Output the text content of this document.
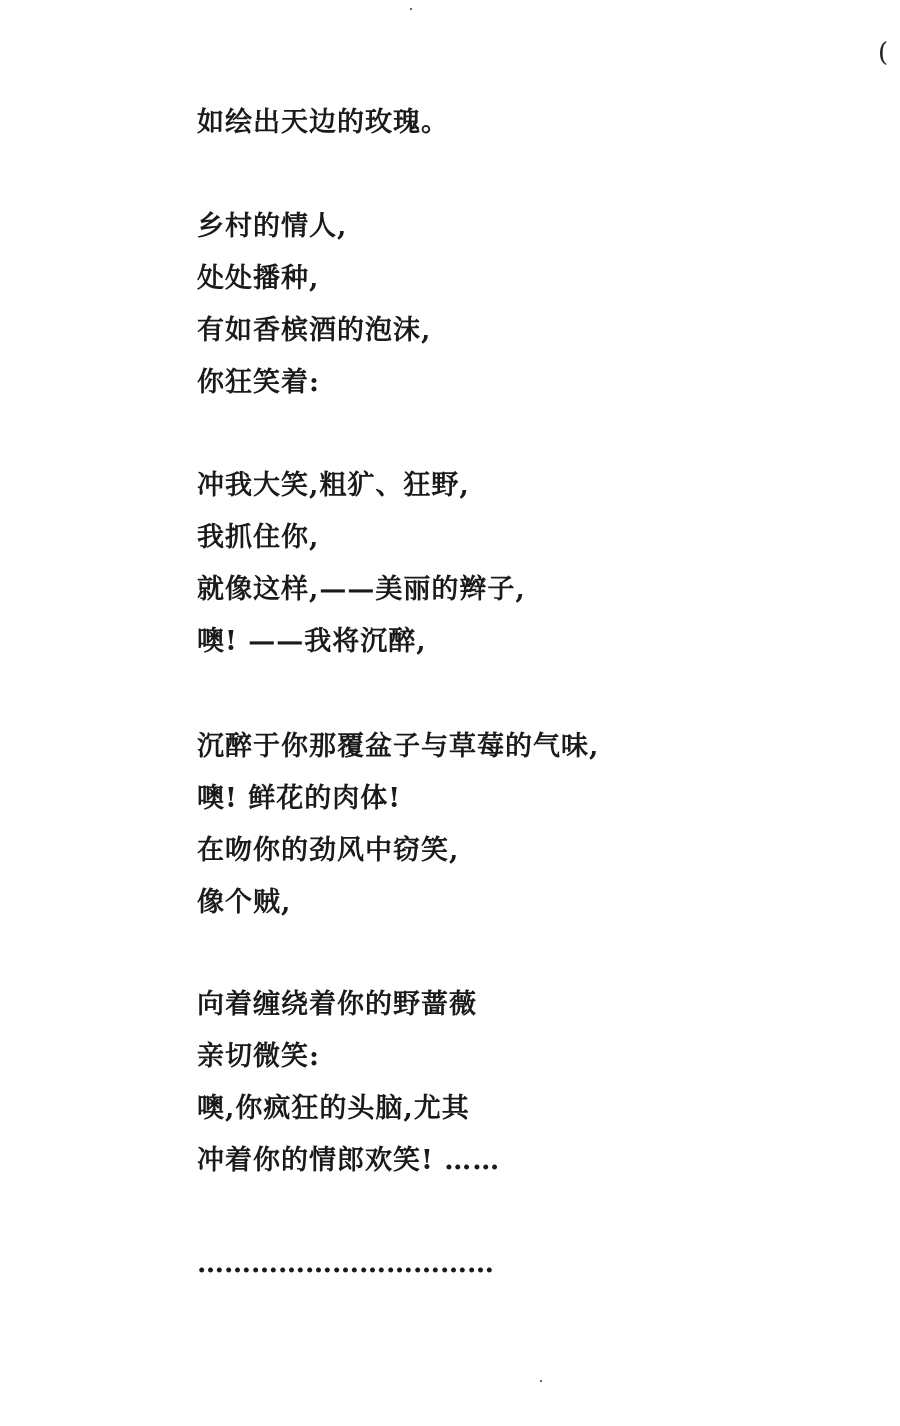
(
如绘出天边的玫瑰。
乡村的情人,
处处播种,
有如香槟酒的泡沫,
你狂笑着:
冲我大笑,粗犷、狂野,
我抓住你,
就像这样,——美丽的辫子,
噢! ——我将沉醉,
沉醉于你那覆盆子与草莓的气味,
噢! 鲜花的肉体!
在吻你的劲风中窃笑,
像个贼,
向着缠绕着你的野蔷薇
亲切微笑:
噢,你疯狂的头脑,尤其
冲着你的情郎欢笑! ……
……………………………
